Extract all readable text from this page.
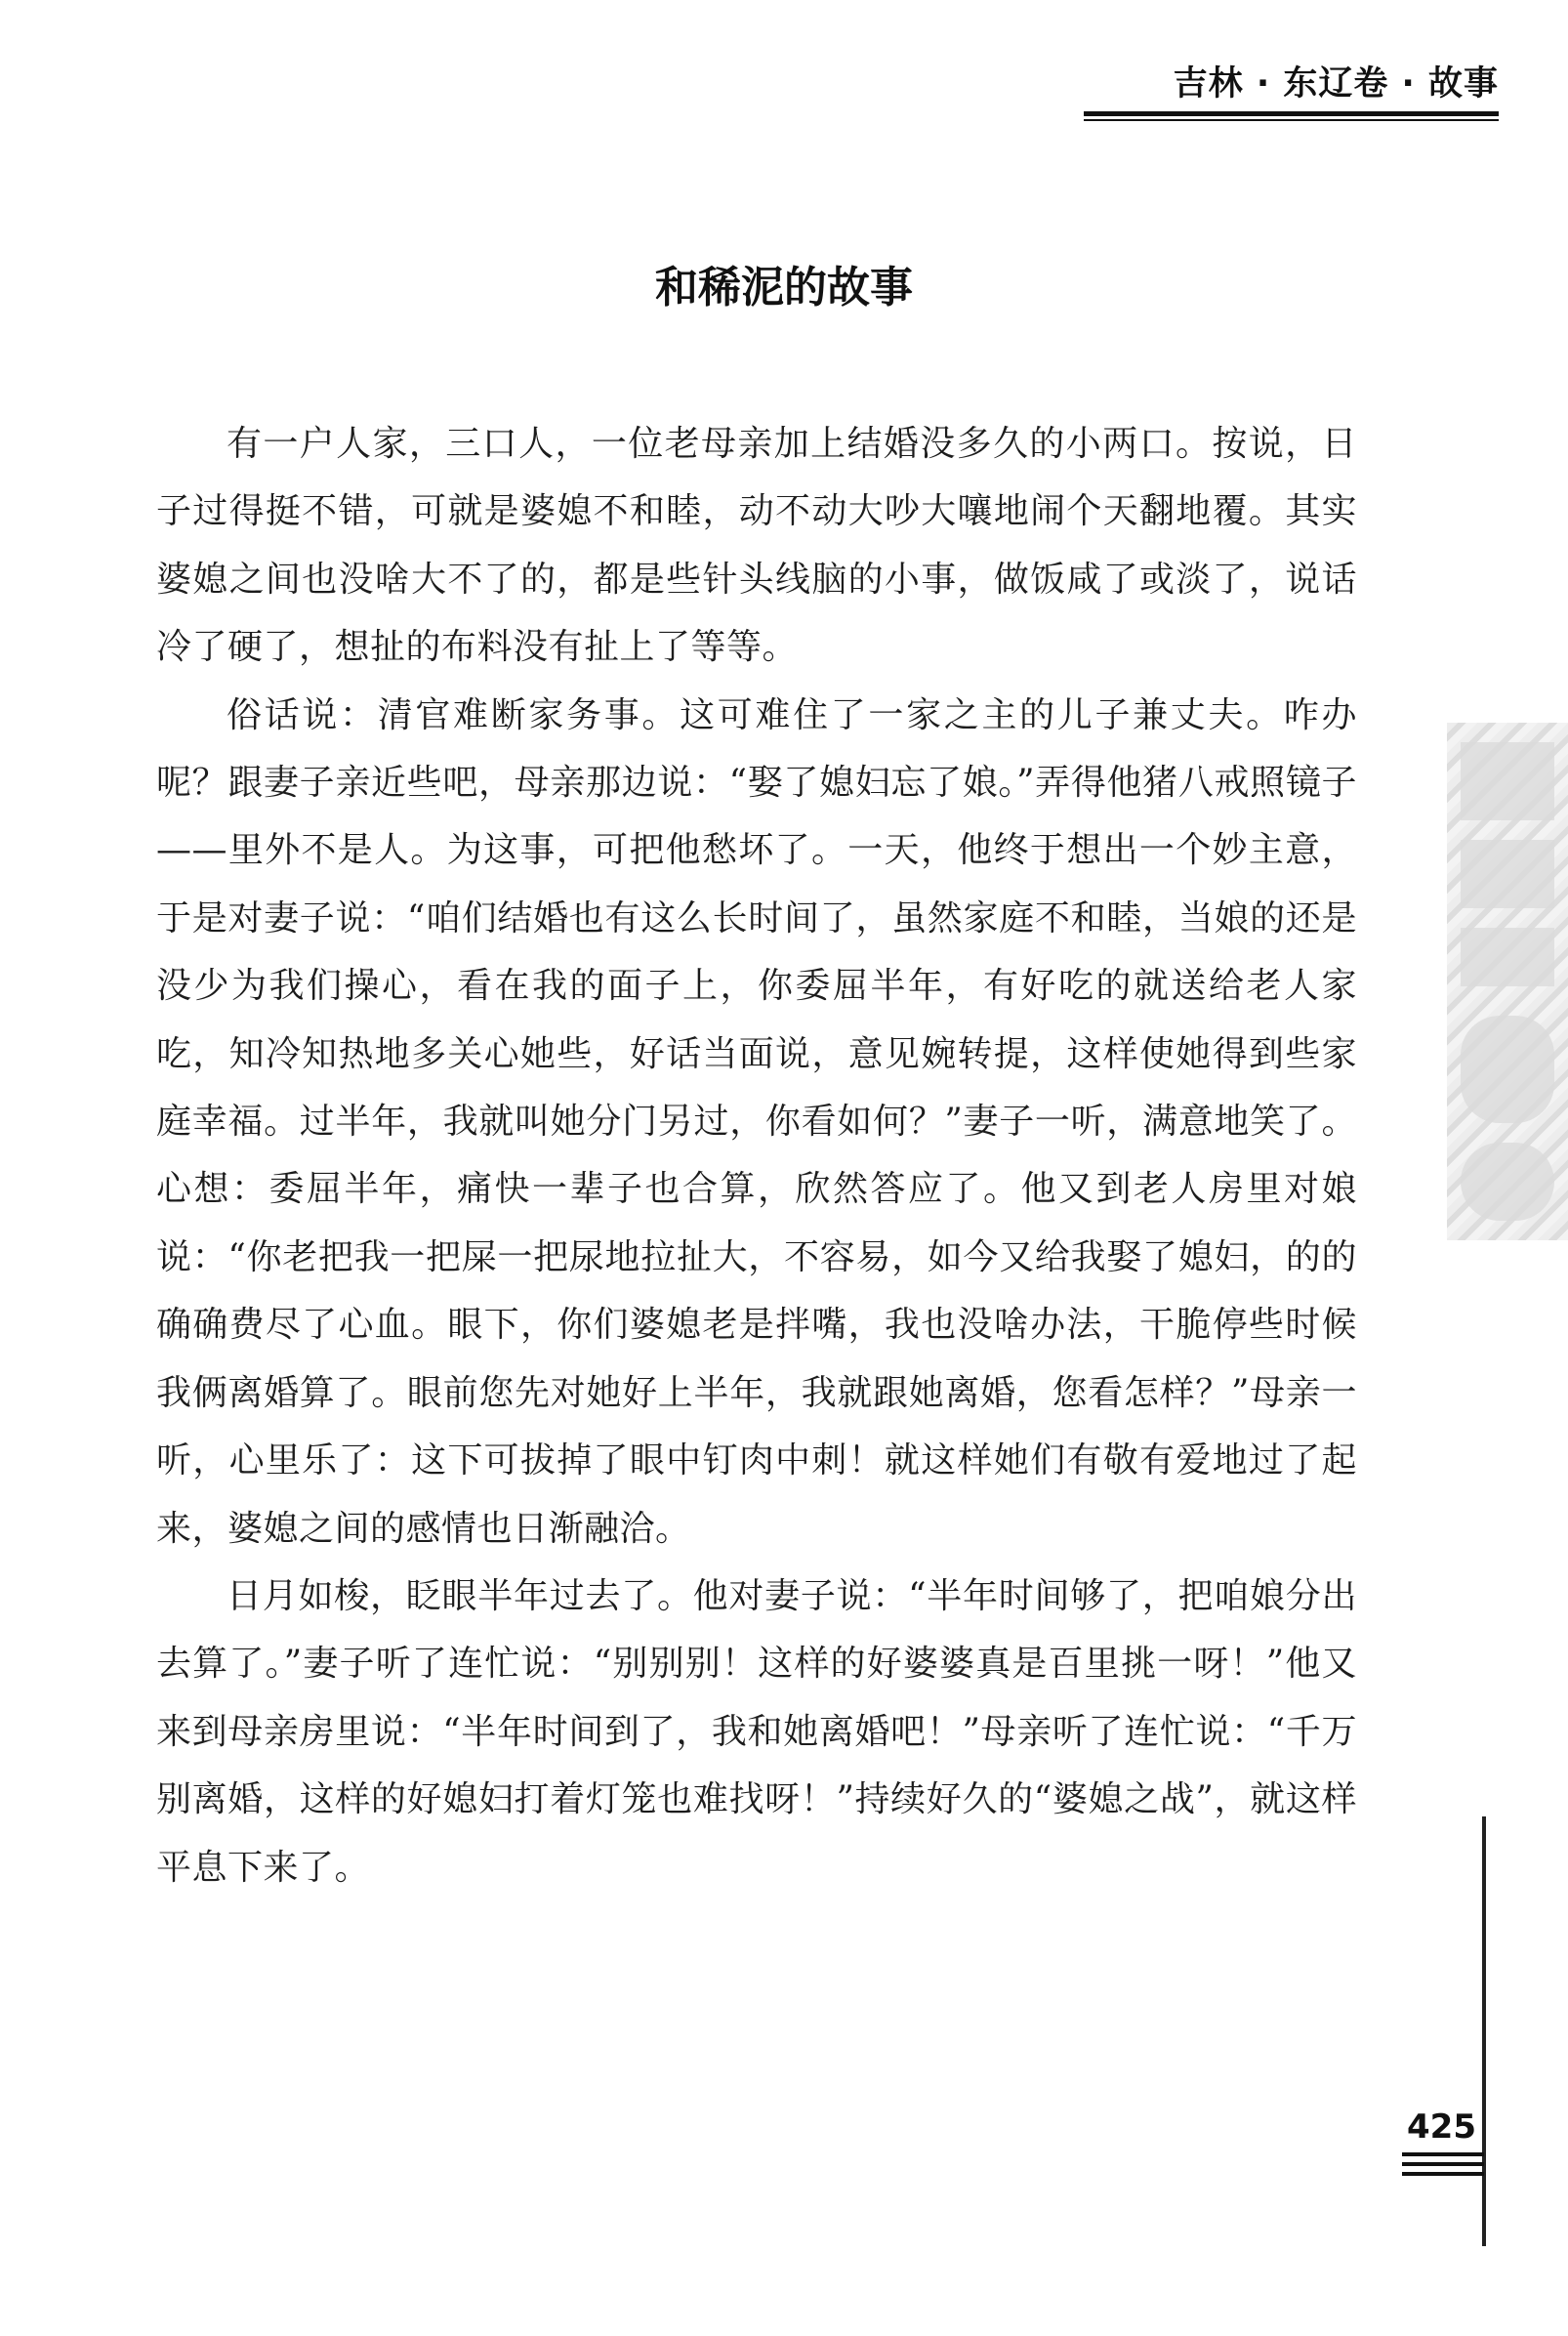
吉林 · 东辽卷 · 故事
和稀泥的故事

有一户人家，三口人，一位老母亲加上结婚没多久的小两口。按说，日子过得挺不错，可就是婆媳不和睦，动不动大吵大嚷地闹个天翻地覆。其实婆媳之间也没啥大不了的，都是些针头线脑的小事，做饭咸了或淡了，说话冷了硬了，想扯的布料没有扯上了等等。

俗话说：清官难断家务事。这可难住了一家之主的儿子兼丈夫。咋办呢？跟妻子亲近些吧，母亲那边说：“娶了媳妇忘了娘。”弄得他猪八戒照镜子——里外不是人。为这事，可把他愁坏了。一天，他终于想出一个妙主意，于是对妻子说：“咱们结婚也有这么长时间了，虽然家庭不和睦，当娘的还是没少为我们操心，看在我的面子上，你委屈半年，有好吃的就送给老人家吃，知冷知热地多关心她些，好话当面说，意见婉转提，这样使她得到些家庭幸福。过半年，我就叫她分门另过，你看如何？”妻子一听，满意地笑了。心想：委屈半年，痛快一辈子也合算，欣然答应了。他又到老人房里对娘说：“你老把我一把屎一把尿地拉扯大，不容易，如今又给我娶了媳妇，的的确确费尽了心血。眼下，你们婆媳老是拌嘴，我也没啥办法，干脆停些时候我俩离婚算了。眼前您先对她好上半年，我就跟她离婚，您看怎样？”母亲一听，心里乐了：这下可拔掉了眼中钉肉中刺！就这样她们有敬有爱地过了起来，婆媳之间的感情也日渐融洽。

日月如梭，眨眼半年过去了。他对妻子说：“半年时间够了，把咱娘分出去算了。”妻子听了连忙说：“别别别！这样的好婆婆真是百里挑一呀！”他又来到母亲房里说：“半年时间到了，我和她离婚吧！”母亲听了连忙说：“千万别离婚，这样的好媳妇打着灯笼也难找呀！”持续好久的“婆媳之战”，就这样平息下来了。

425
